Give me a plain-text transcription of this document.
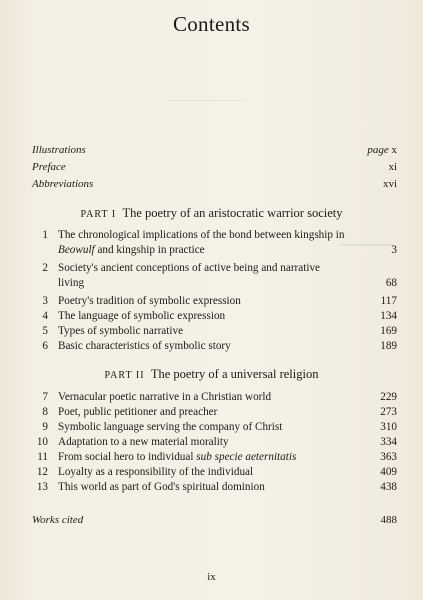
――――
――
Contents
Illustrations	page x
Preface	xi
Abbreviations	xvi
PART I The poetry of an aristocratic warrior society
1 The chronological implications of the bond between kingship in Beowulf and kingship in practice	3
2 Society's ancient conceptions of active being and narrative living	68
3 Poetry's tradition of symbolic expression	117
4 The language of symbolic expression	134
5 Types of symbolic narrative	169
6 Basic characteristics of symbolic story	189
PART II The poetry of a universal religion
7 Vernacular poetic narrative in a Christian world	229
8 Poet, public petitioner and preacher	273
9 Symbolic language serving the company of Christ	310
10 Adaptation to a new material morality	334
11 From social hero to individual sub specie aeternitatis	363
12 Loyalty as a responsibility of the individual	409
13 This world as part of God's spiritual dominion	438
Works cited	488
ix
